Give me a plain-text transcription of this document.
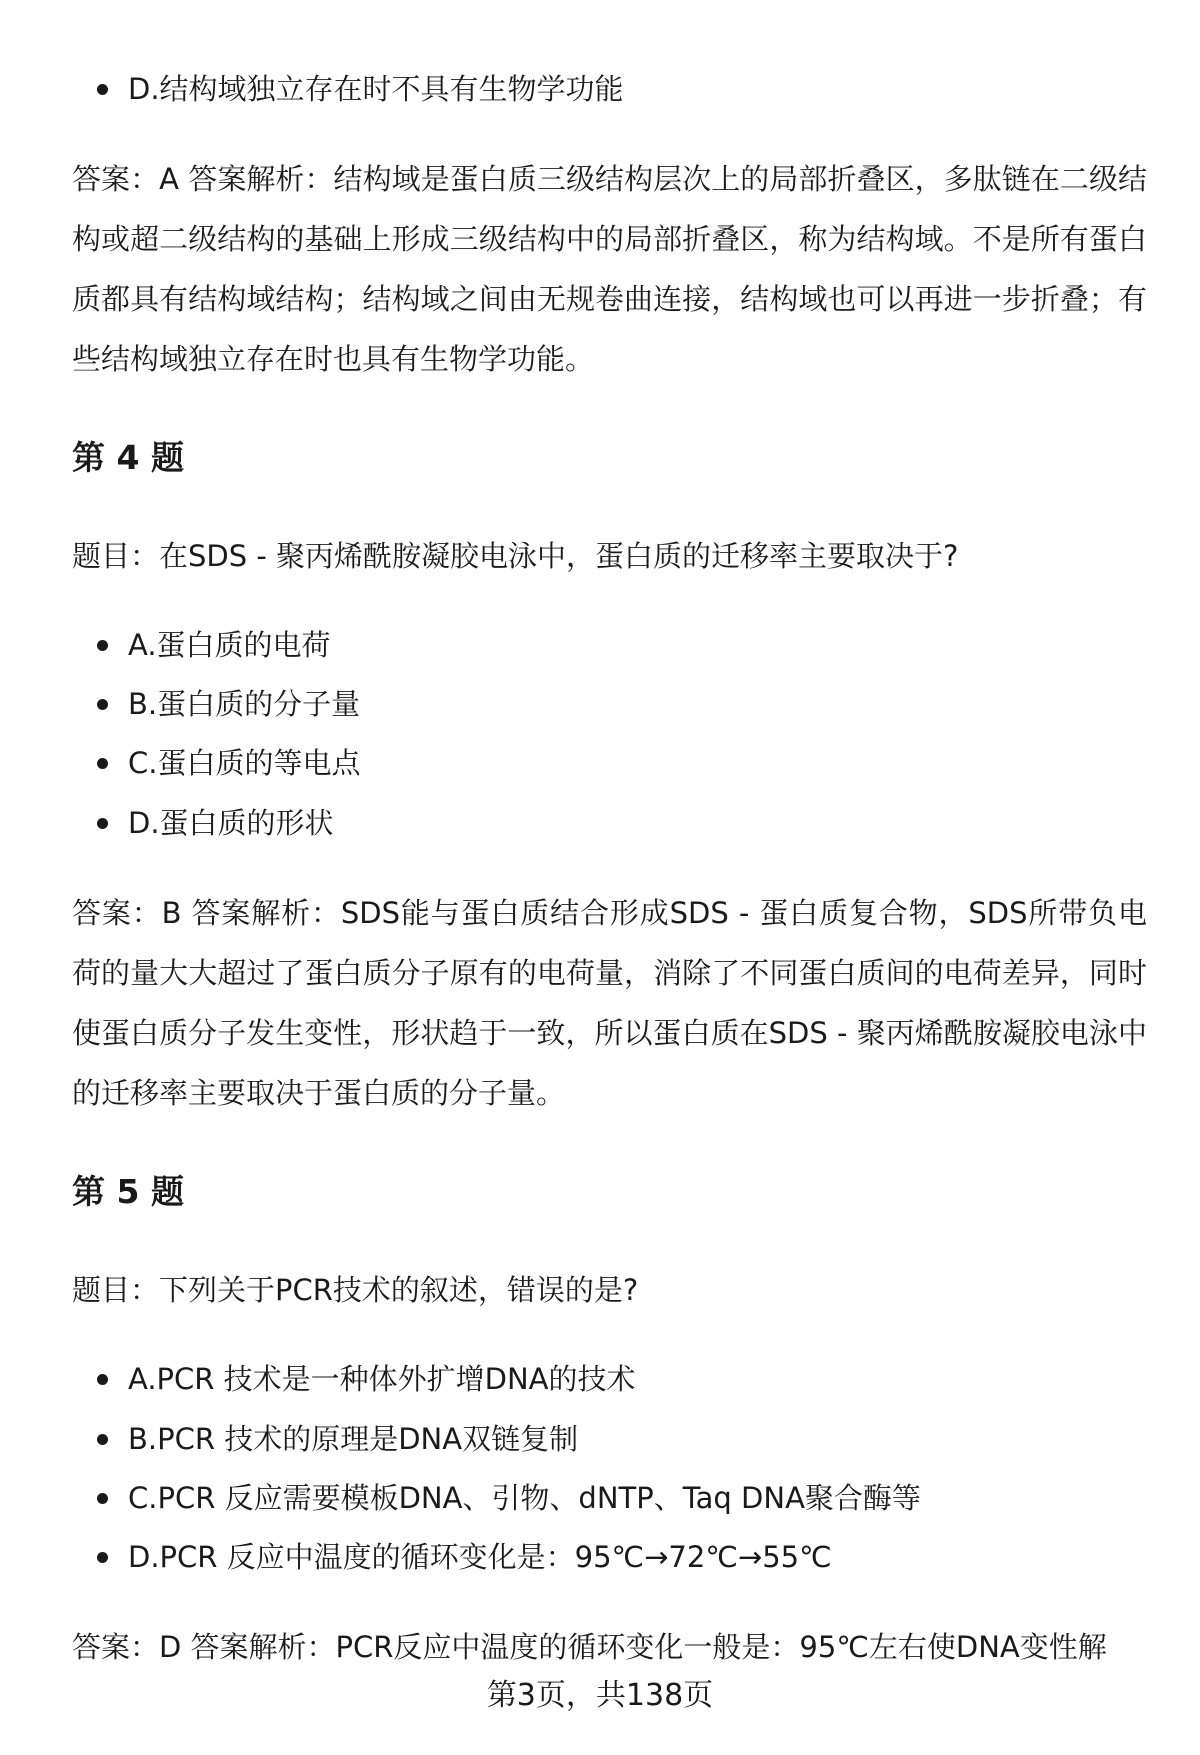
D.结构域独立存在时不具有生物学功能

答案：A 答案解析：结构域是蛋白质三级结构层次上的局部折叠区，多肽链在二级结构或超二级结构的基础上形成三级结构中的局部折叠区，称为结构域。不是所有蛋白质都具有结构域结构；结构域之间由无规卷曲连接，结构域也可以再进一步折叠；有些结构域独立存在时也具有生物学功能。

第 4 题

题目：在SDS - 聚丙烯酰胺凝胶电泳中，蛋白质的迁移率主要取决于?

A.蛋白质的电荷
B.蛋白质的分子量
C.蛋白质的等电点
D.蛋白质的形状

答案：B 答案解析：SDS能与蛋白质结合形成SDS - 蛋白质复合物，SDS所带负电荷的量大大超过了蛋白质分子原有的电荷量，消除了不同蛋白质间的电荷差异，同时使蛋白质分子发生变性，形状趋于一致，所以蛋白质在SDS - 聚丙烯酰胺凝胶电泳中的迁移率主要取决于蛋白质的分子量。

第 5 题

题目：下列关于PCR技术的叙述，错误的是?

A.PCR 技术是一种体外扩增DNA的技术
B.PCR 技术的原理是DNA双链复制
C.PCR 反应需要模板DNA、引物、dNTP、Taq DNA聚合酶等
D.PCR 反应中温度的循环变化是：95℃→72℃→55℃

答案：D 答案解析：PCR反应中温度的循环变化一般是：95℃左右使DNA变性解

第3页，共138页
